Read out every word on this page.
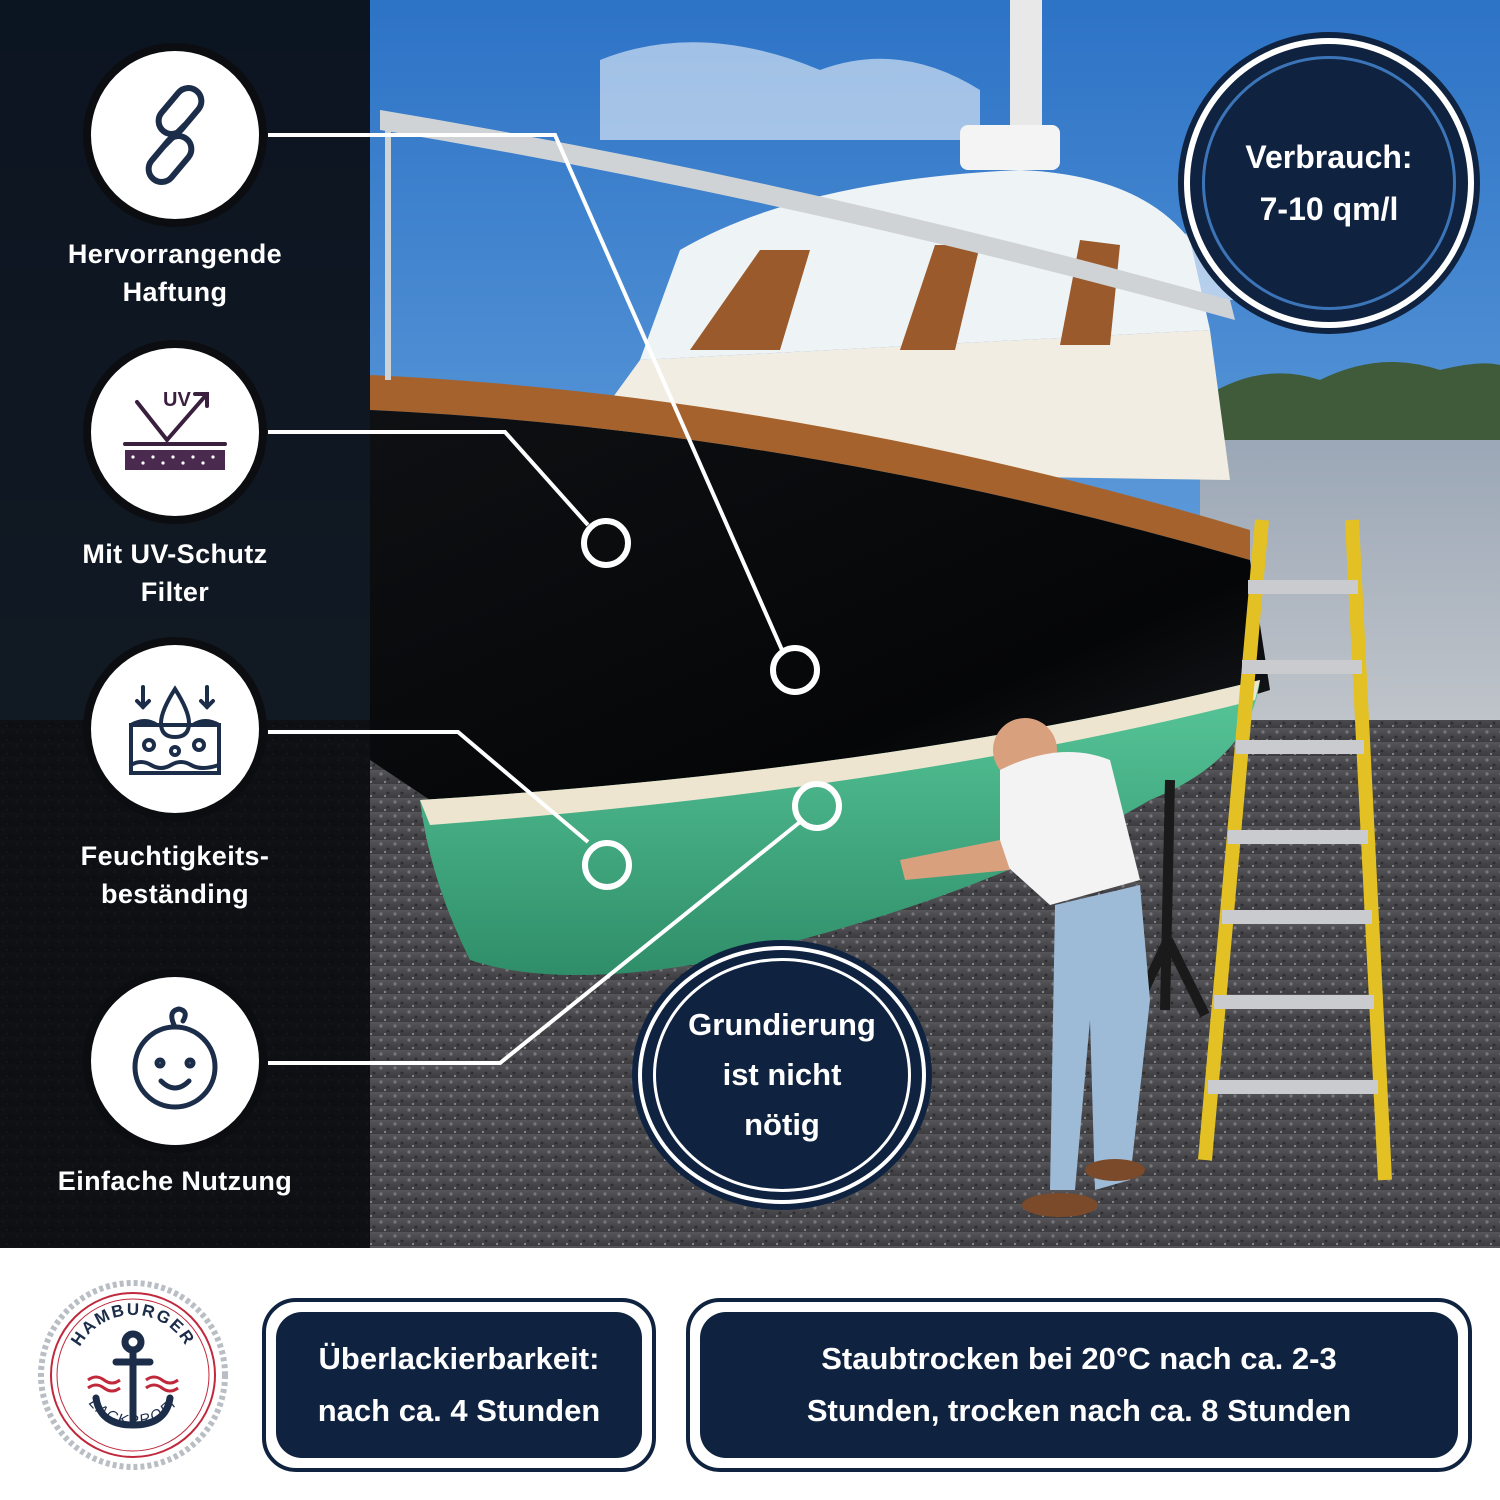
Hervorrangende
Haftung
UV
Mit UV-Schutz
Filter
Feuchtigkeits-
beständing
Einfache Nutzung
Verbrauch:
7-10 qm/l
Grundierung
ist nicht
nötig
HAMBURGER
LACKPROFI
Überlackierbarkeit:
nach ca. 4 Stunden
Staubtrocken bei 20°C nach ca. 2-3
Stunden, trocken nach ca. 8 Stunden
